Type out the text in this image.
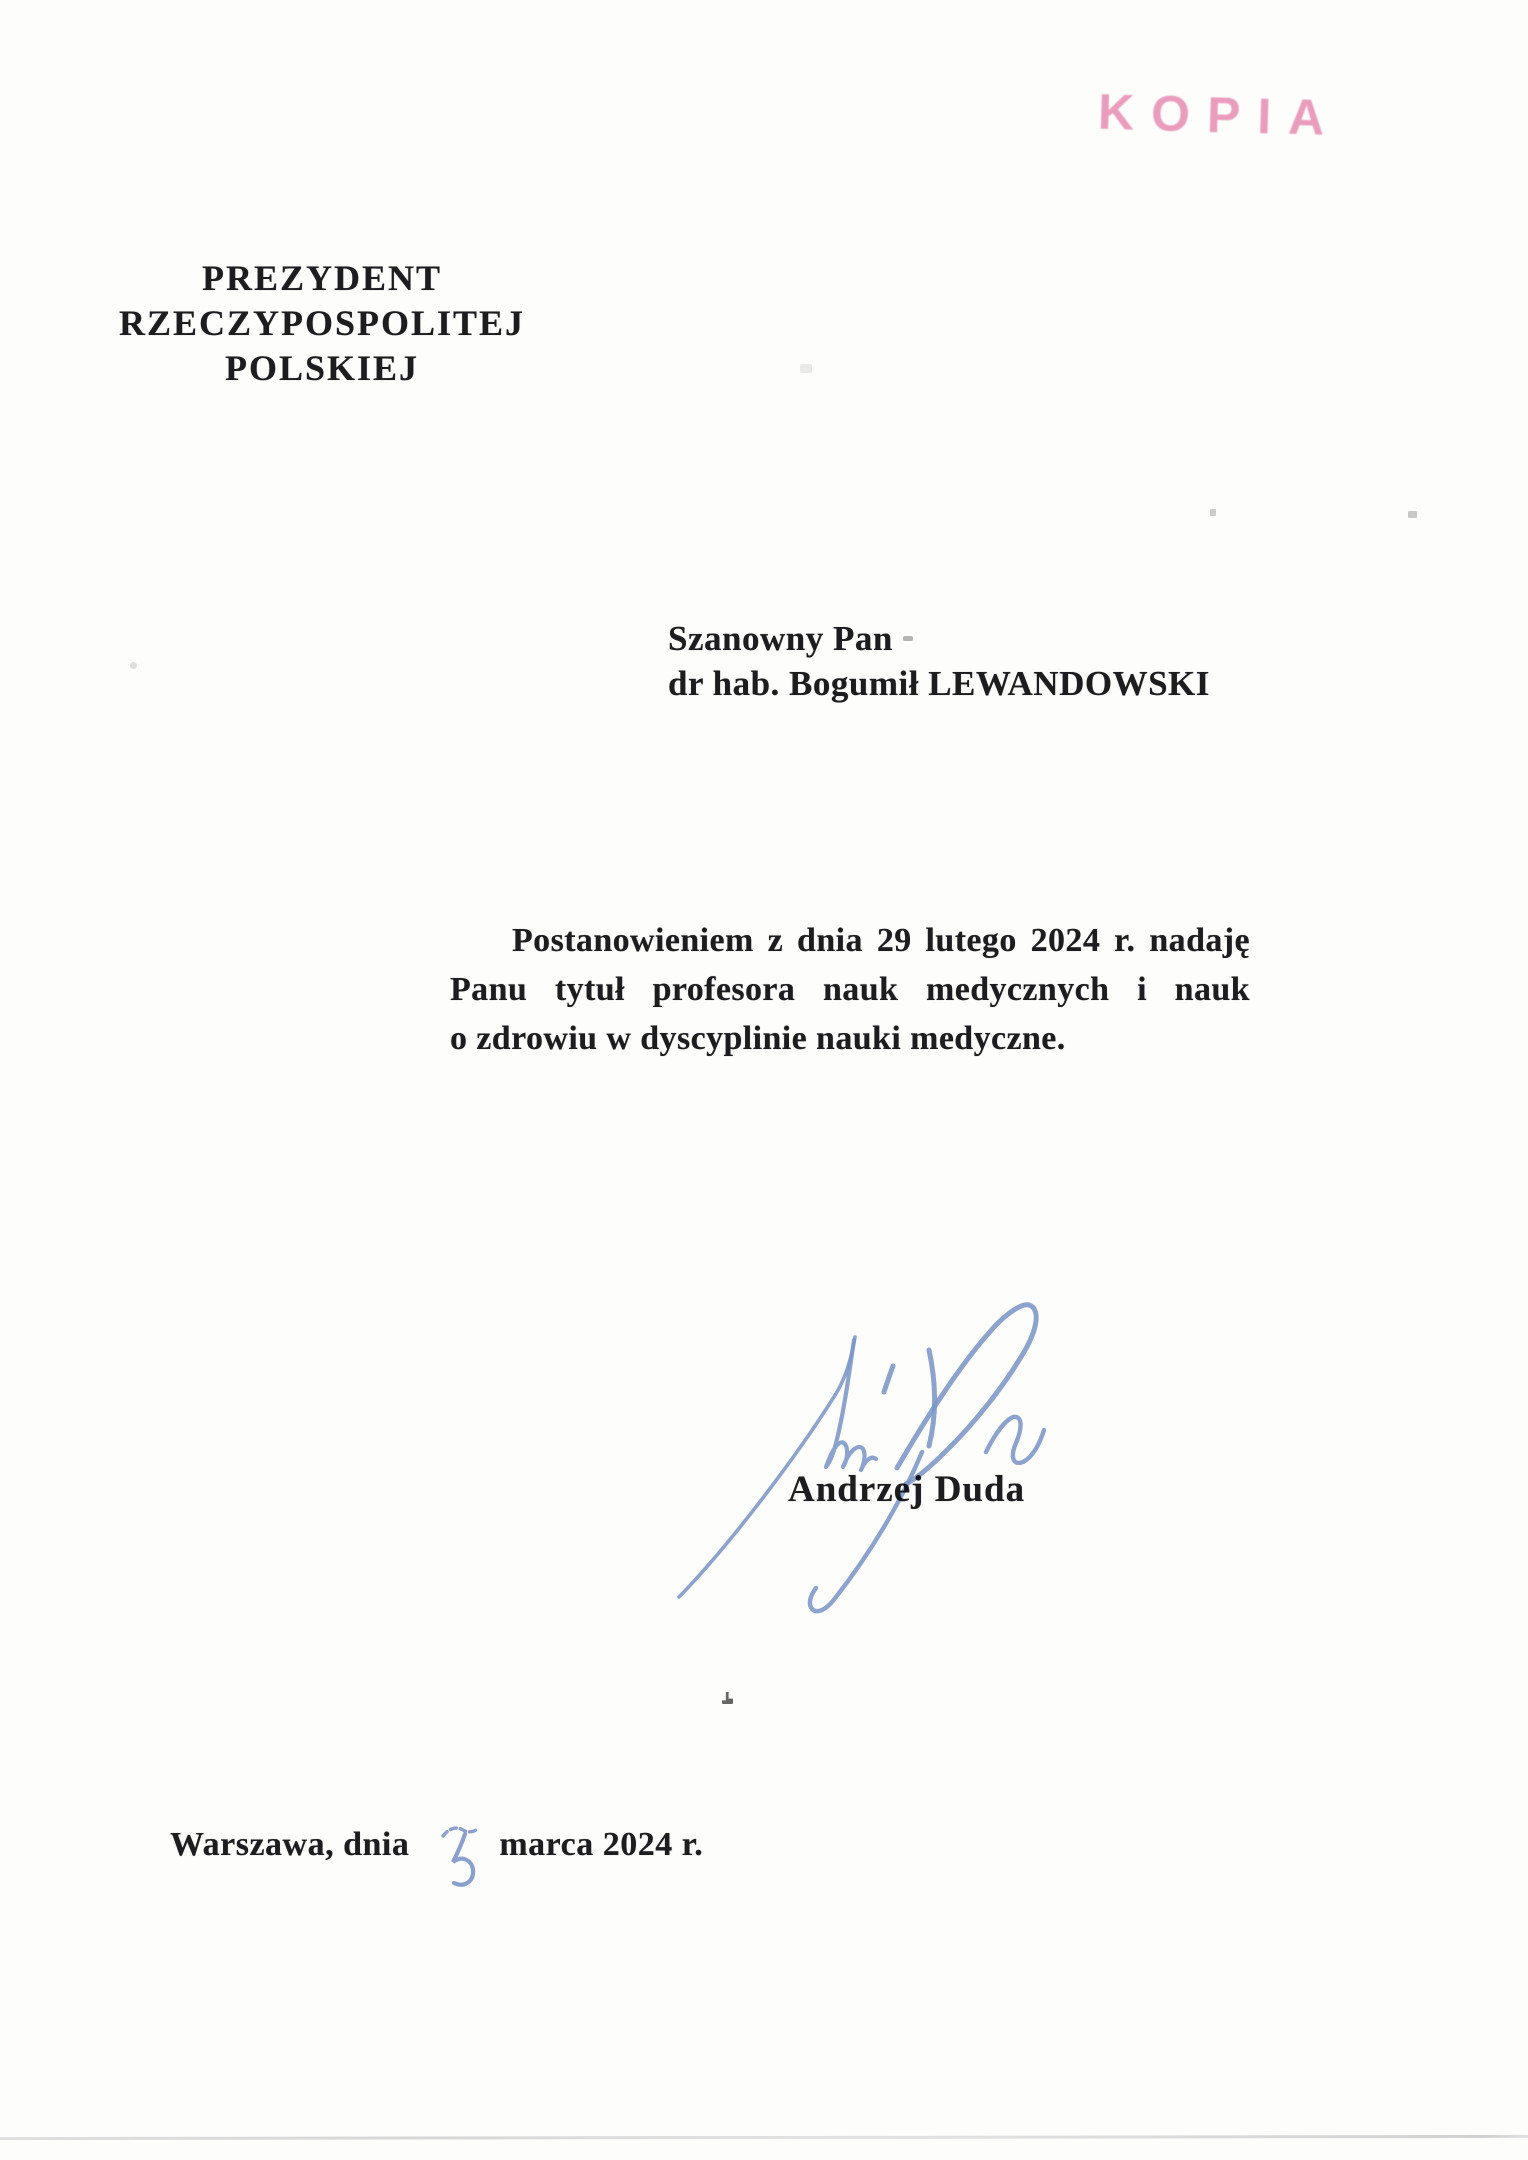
KOPIA
PREZYDENT
RZECZYPOSPOLITEJ POLSKIEJ
Szanowny Pan
dr hab. Bogumił LEWANDOWSKI
Postanowieniem z dnia 29 lutego 2024 r. nadaję
Panu tytuł profesora nauk medycznych i nauk
o zdrowiu w dyscyplinie nauki medyczne.
Andrzej Duda
Warszawa, dnia	marca 2024 r.
